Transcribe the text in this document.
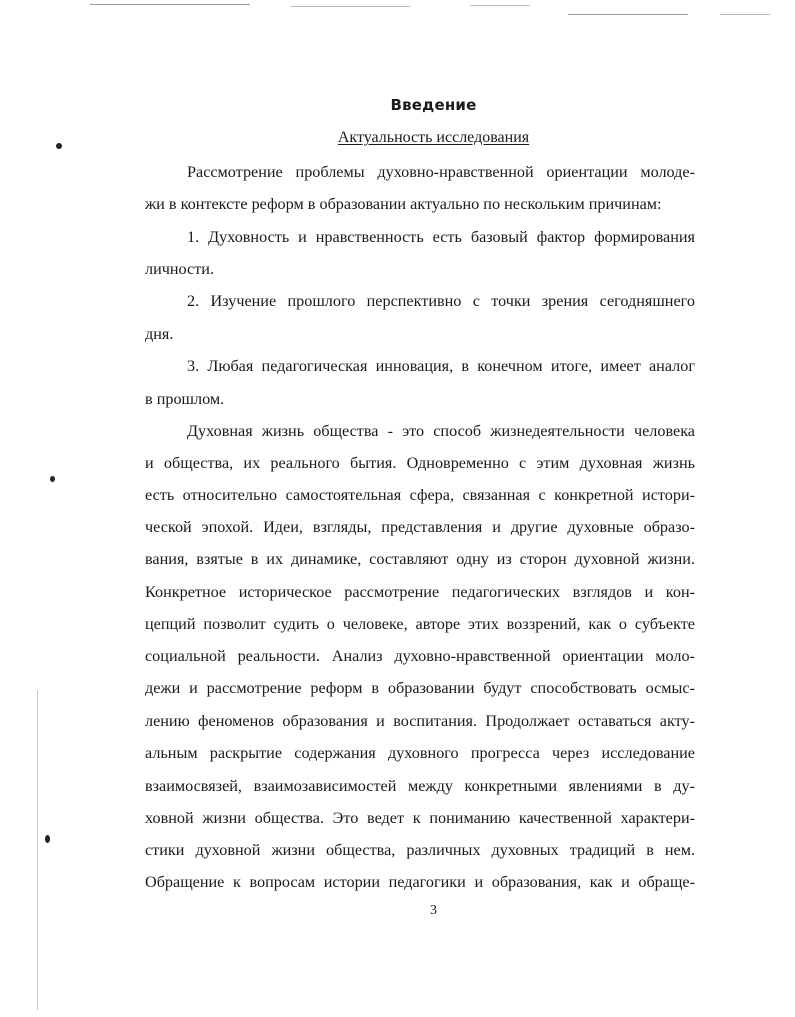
Введение
Актуальность исследования
Рассмотрение проблемы духовно-нравственной ориентации молоде-
жи в контексте реформ в образовании актуально по нескольким причинам:
1. Духовность и нравственность есть базовый фактор формирования
личности.
2. Изучение прошлого перспективно с точки зрения сегодняшнего
дня.
3. Любая педагогическая инновация, в конечном итоге, имеет аналог
в прошлом.
Духовная жизнь общества - это способ жизнедеятельности человека
и общества, их реального бытия. Одновременно с этим духовная жизнь
есть относительно самостоятельная сфера, связанная с конкретной истори-
ческой эпохой. Идеи, взгляды, представления и другие духовные образо-
вания, взятые в их динамике, составляют одну из сторон духовной жизни.
Конкретное историческое рассмотрение педагогических взглядов и кон-
цепций позволит судить о человеке, авторе этих воззрений, как о субъекте
социальной реальности. Анализ духовно-нравственной ориентации моло-
дежи и рассмотрение реформ в образовании будут способствовать осмыс-
лению феноменов образования и воспитания. Продолжает оставаться акту-
альным раскрытие содержания духовного прогресса через исследование
взаимосвязей, взаимозависимостей между конкретными явлениями в ду-
ховной жизни общества. Это ведет к пониманию качественной характери-
стики духовной жизни общества, различных духовных традиций в нем.
Обращение к вопросам истории педагогики и образования, как и обраще-
3
